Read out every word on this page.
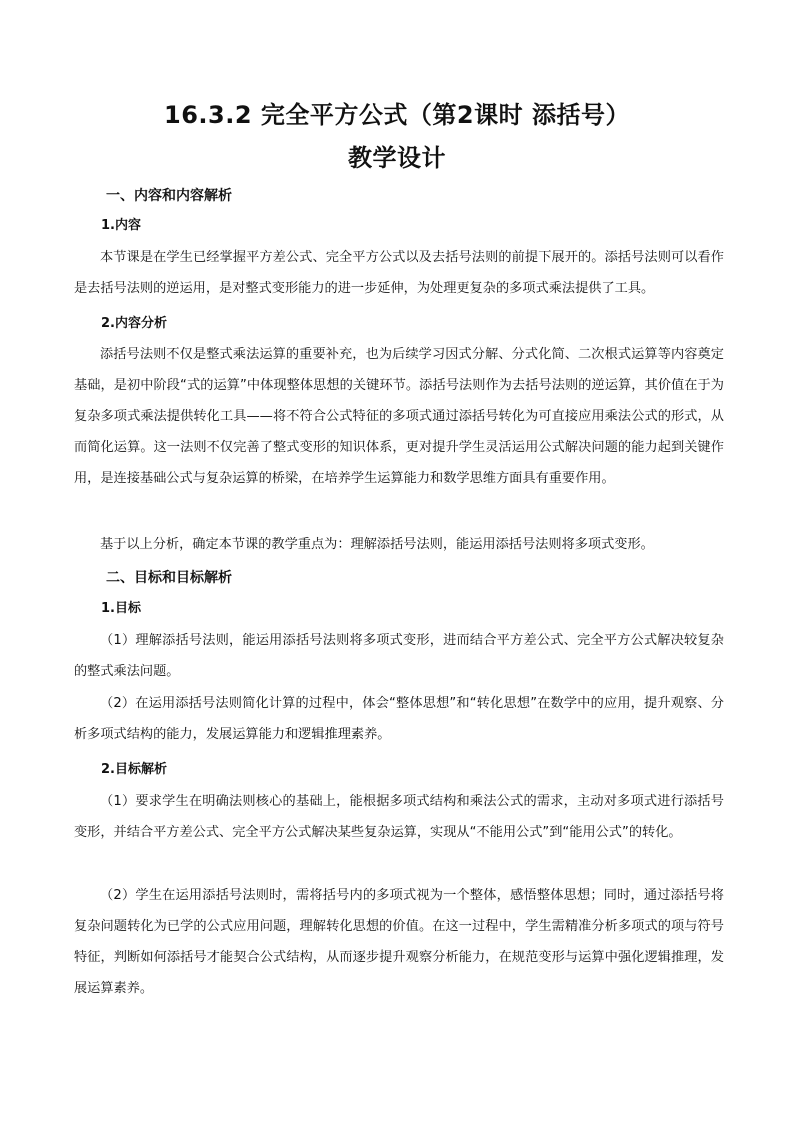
16.3.2 完全平方公式（第2课时 添括号）
教学设计
一、内容和内容解析
1.内容

本节课是在学生已经掌握平方差公式、完全平方公式以及去括号法则的前提下展开的。添括号法则可以看作是去括号法则的逆运用，是对整式变形能力的进一步延伸，为处理更复杂的多项式乘法提供了工具。

2.内容分析

添括号法则不仅是整式乘法运算的重要补充，也为后续学习因式分解、分式化简、二次根式运算等内容奠定基础，是初中阶段“式的运算”中体现整体思想的关键环节。添括号法则作为去括号法则的逆运算，其价值在于为复杂多项式乘法提供转化工具——将不符合公式特征的多项式通过添括号转化为可直接应用乘法公式的形式，从而简化运算。这一法则不仅完善了整式变形的知识体系，更对提升学生灵活运用公式解决问题的能力起到关键作用，是连接基础公式与复杂运算的桥梁，在培养学生运算能力和数学思维方面具有重要作用。

基于以上分析，确定本节课的教学重点为：理解添括号法则，能运用添括号法则将多项式变形。

二、目标和目标解析
1.目标

（1）理解添括号法则，能运用添括号法则将多项式变形，进而结合平方差公式、完全平方公式解决较复杂的整式乘法问题。

（2）在运用添括号法则简化计算的过程中，体会“整体思想”和“转化思想”在数学中的应用，提升观察、分析多项式结构的能力，发展运算能力和逻辑推理素养。

2.目标解析

（1）要求学生在明确法则核心的基础上，能根据多项式结构和乘法公式的需求，主动对多项式进行添括号变形，并结合平方差公式、完全平方公式解决某些复杂运算，实现从“不能用公式”到“能用公式”的转化。

（2）学生在运用添括号法则时，需将括号内的多项式视为一个整体，感悟整体思想；同时，通过添括号将复杂问题转化为已学的公式应用问题，理解转化思想的价值。在这一过程中，学生需精准分析多项式的项与符号特征，判断如何添括号才能契合公式结构，从而逐步提升观察分析能力，在规范变形与运算中强化逻辑推理，发展运算素养。
